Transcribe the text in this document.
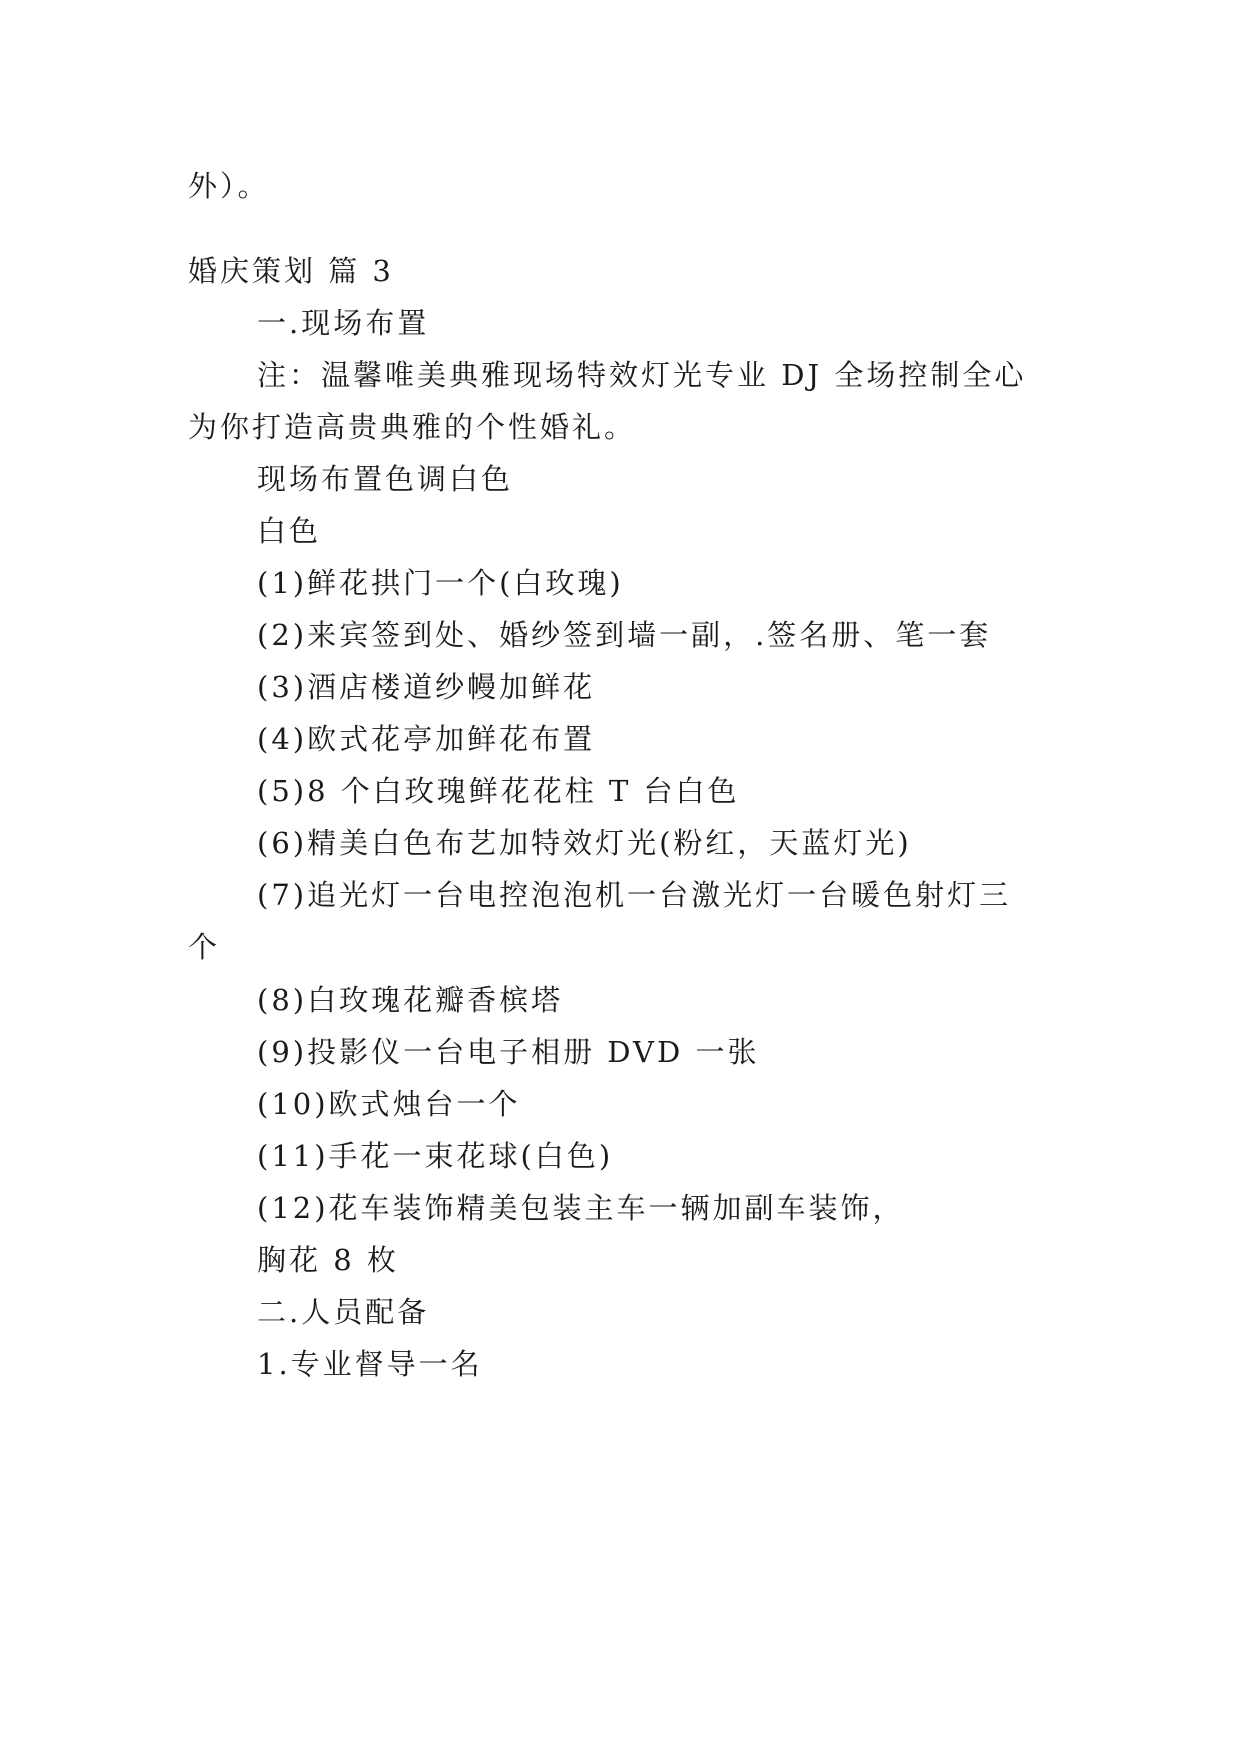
外）。
婚庆策划 篇 3
一.现场布置
注：温馨唯美典雅现场特效灯光专业 DJ 全场控制全心
为你打造高贵典雅的个性婚礼。
现场布置色调白色
白色
(1)鲜花拱门一个(白玫瑰)
(2)来宾签到处、婚纱签到墙一副，.签名册、笔一套
(3)酒店楼道纱幔加鲜花
(4)欧式花亭加鲜花布置
(5)8 个白玫瑰鲜花花柱 T 台白色
(6)精美白色布艺加特效灯光(粉红，天蓝灯光)
(7)追光灯一台电控泡泡机一台激光灯一台暖色射灯三
个
(8)白玫瑰花瓣香槟塔
(9)投影仪一台电子相册 DVD 一张
(10)欧式烛台一个
(11)手花一束花球(白色)
(12)花车装饰精美包装主车一辆加副车装饰，
胸花 8 枚
二.人员配备
1.专业督导一名
